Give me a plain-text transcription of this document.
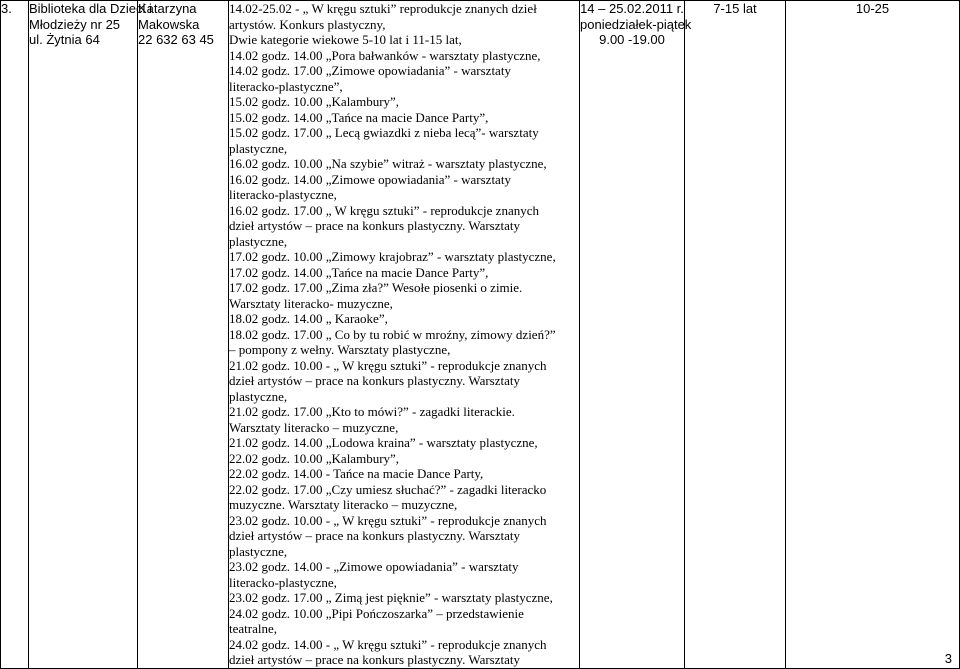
3.	Biblioteka dla Dzieci i
Młodzieży nr 25
ul. Żytnia 64

Katarzyna
Makowska
22 632 63 45

14.02-25.02 - „ W kręgu sztuki” reprodukcje znanych dzieł
artystów. Konkurs plastyczny,
Dwie kategorie wiekowe 5-10 lat i 11-15 lat,
14.02 godz. 14.00 „Pora bałwanków - warsztaty plastyczne,
14.02 godz. 17.00 „Zimowe opowiadania” - warsztaty
literacko-plastyczne”,
15.02 godz. 10.00 „Kalambury”,
15.02 godz. 14.00 „Tańce na macie Dance Party”,
15.02 godz. 17.00 „ Lecą gwiazdki z nieba lecą”- warsztaty
plastyczne,
16.02 godz. 10.00 „Na szybie” witraż - warsztaty plastyczne,
16.02 godz. 14.00 „Zimowe opowiadania” - warsztaty
literacko-plastyczne,
16.02 godz. 17.00 „ W kręgu sztuki” - reprodukcje znanych
dzieł artystów – prace na konkurs plastyczny. Warsztaty
plastyczne,
17.02 godz. 10.00 „Zimowy krajobraz” - warsztaty plastyczne,
17.02 godz. 14.00 „Tańce na macie Dance Party”,
17.02 godz. 17.00 „Zima zła?” Wesołe piosenki o zimie.
Warsztaty literacko- muzyczne,
18.02 godz. 14.00 „ Karaoke”,
18.02 godz. 17.00 „ Co by tu robić w mroźny, zimowy dzień?”
– pompony z wełny. Warsztaty plastyczne,
21.02 godz. 10.00 - „ W kręgu sztuki” - reprodukcje znanych
dzieł artystów – prace na konkurs plastyczny. Warsztaty
plastyczne,
21.02 godz. 17.00 „Kto to mówi?” - zagadki literackie.
Warsztaty literacko – muzyczne,
21.02 godz. 14.00 „Lodowa kraina” - warsztaty plastyczne,
22.02 godz. 10.00 „Kalambury”,
22.02 godz. 14.00 - Tańce na macie Dance Party,
22.02 godz. 17.00 „Czy umiesz słuchać?” - zagadki literacko
muzyczne. Warsztaty literacko – muzyczne,
23.02 godz. 10.00 - „ W kręgu sztuki” - reprodukcje znanych
dzieł artystów – prace na konkurs plastyczny. Warsztaty
plastyczne,
23.02 godz. 14.00 - „Zimowe opowiadania” - warsztaty
literacko-plastyczne,
23.02 godz. 17.00 „ Zimą jest pięknie” - warsztaty plastyczne,
24.02 godz. 10.00 „Pipi Pończoszarka” – przedstawienie
teatralne,
24.02 godz. 14.00 - „ W kręgu sztuki” - reprodukcje znanych
dzieł artystów – prace na konkurs plastyczny. Warsztaty

14 – 25.02.2011 r.
poniedziałek-piątek
9.00 -19.00

7-15 lat	10-25
3
